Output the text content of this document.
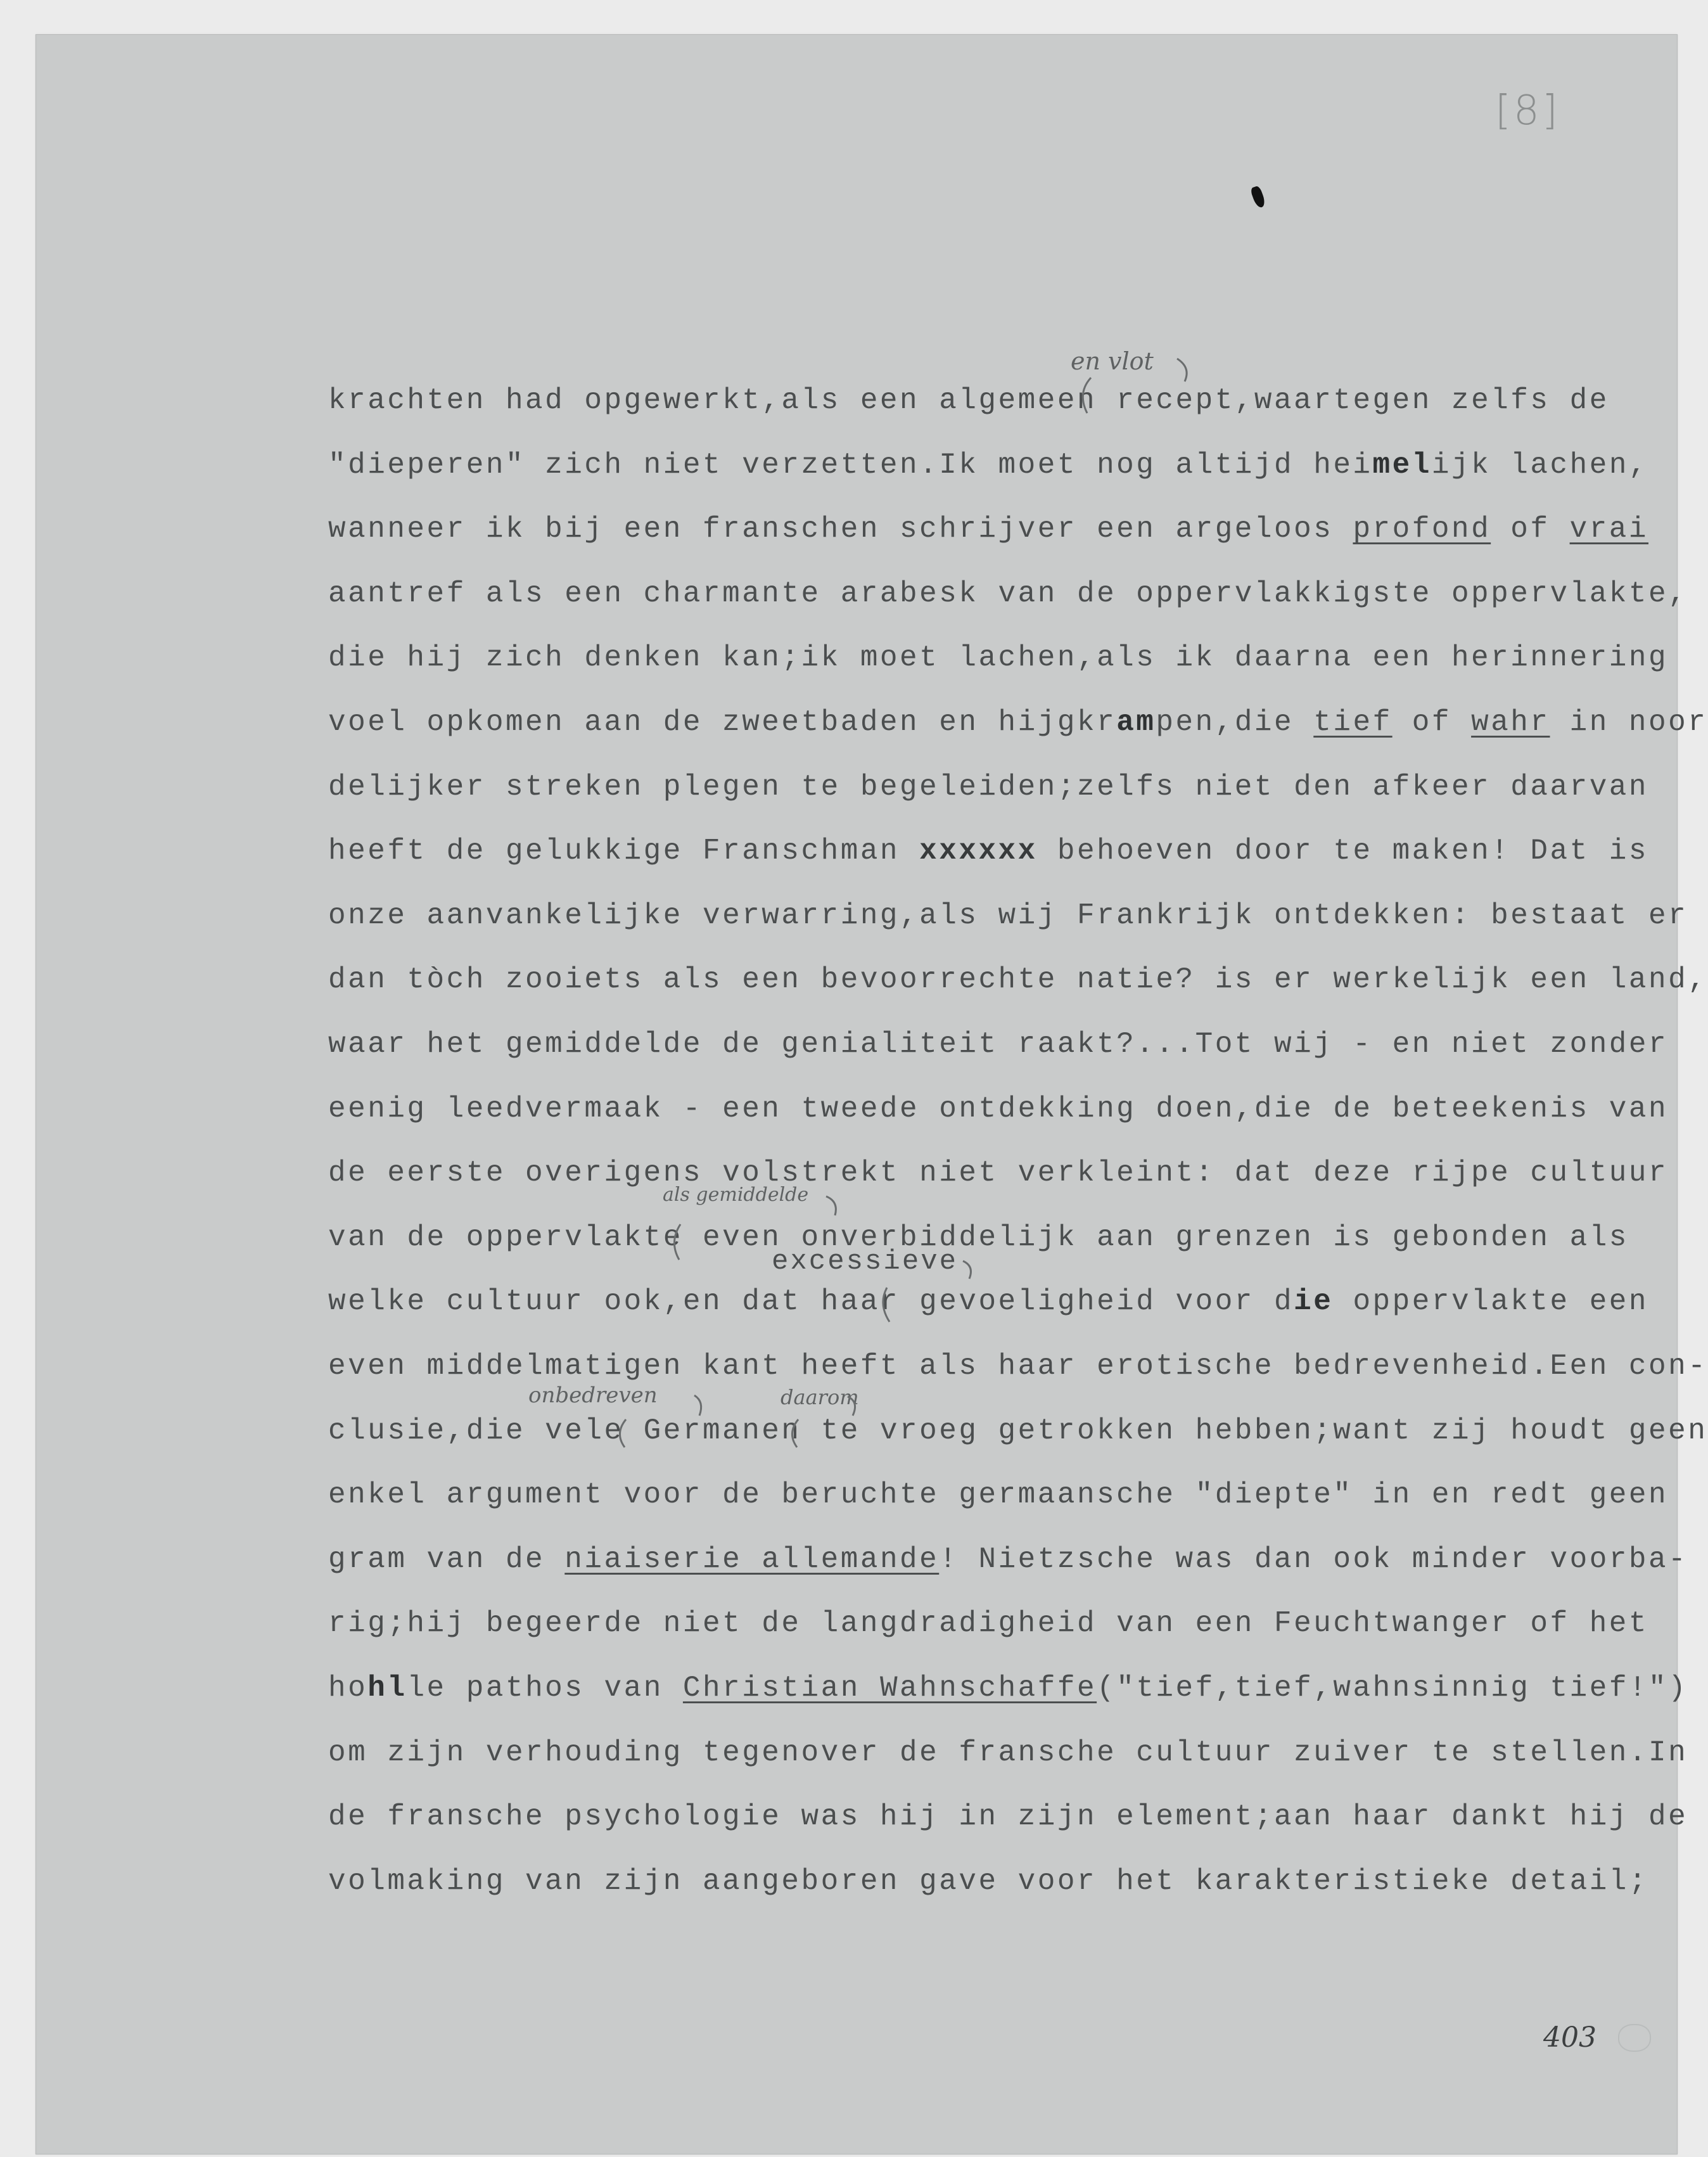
[8]
krachten had opgewerkt,als een algemeen recept,waartegen zelfs de
"dieperen" zich niet verzetten.Ik moet nog altijd heimelijk lachen,
wanneer ik bij een franschen schrijver een argeloos profond of vrai
aantref als een charmante arabesk van de oppervlakkigste oppervlakte,
die hij zich denken kan;ik moet lachen,als ik daarna een herinnering
voel opkomen aan de zweetbaden en hijgkrampen,die tief of wahr in noor
delijker streken plegen te begeleiden;zelfs niet den afkeer daarvan
heeft de gelukkige Franschman xxxxxx behoeven door te maken! Dat is
onze aanvankelijke verwarring,als wij Frankrijk ontdekken: bestaat er
dan tòch zooiets als een bevoorrechte natie? is er werkelijk een land,
waar het gemiddelde de genialiteit raakt?...Tot wij - en niet zonder
eenig leedvermaak - een tweede ontdekking doen,die de beteekenis van
de eerste overigens volstrekt niet verkleint: dat deze rijpe cultuur
van de oppervlakte even onverbiddelijk aan grenzen is gebonden als
welke cultuur ook,en dat haar gevoeligheid voor die oppervlakte een
even middelmatigen kant heeft als haar erotische bedrevenheid.Een con-
clusie,die vele Germanen te vroeg getrokken hebben;want zij houdt geen
enkel argument voor de beruchte germaansche "diepte" in en redt geen
gram van de niaiserie allemande! Nietzsche was dan ook minder voorba-
rig;hij begeerde niet de langdradigheid van een Feuchtwanger of het
hohlle pathos van Christian Wahnschaffe("tief,tief,wahnsinnig tief!")
om zijn verhouding tegenover de fransche cultuur zuiver te stellen.In
de fransche psychologie was hij in zijn element;aan haar dankt hij de
volmaking van zijn aangeboren gave voor het karakteristieke detail;
en vlot
als gemiddelde
excessieve
onbedreven	daarom
403
